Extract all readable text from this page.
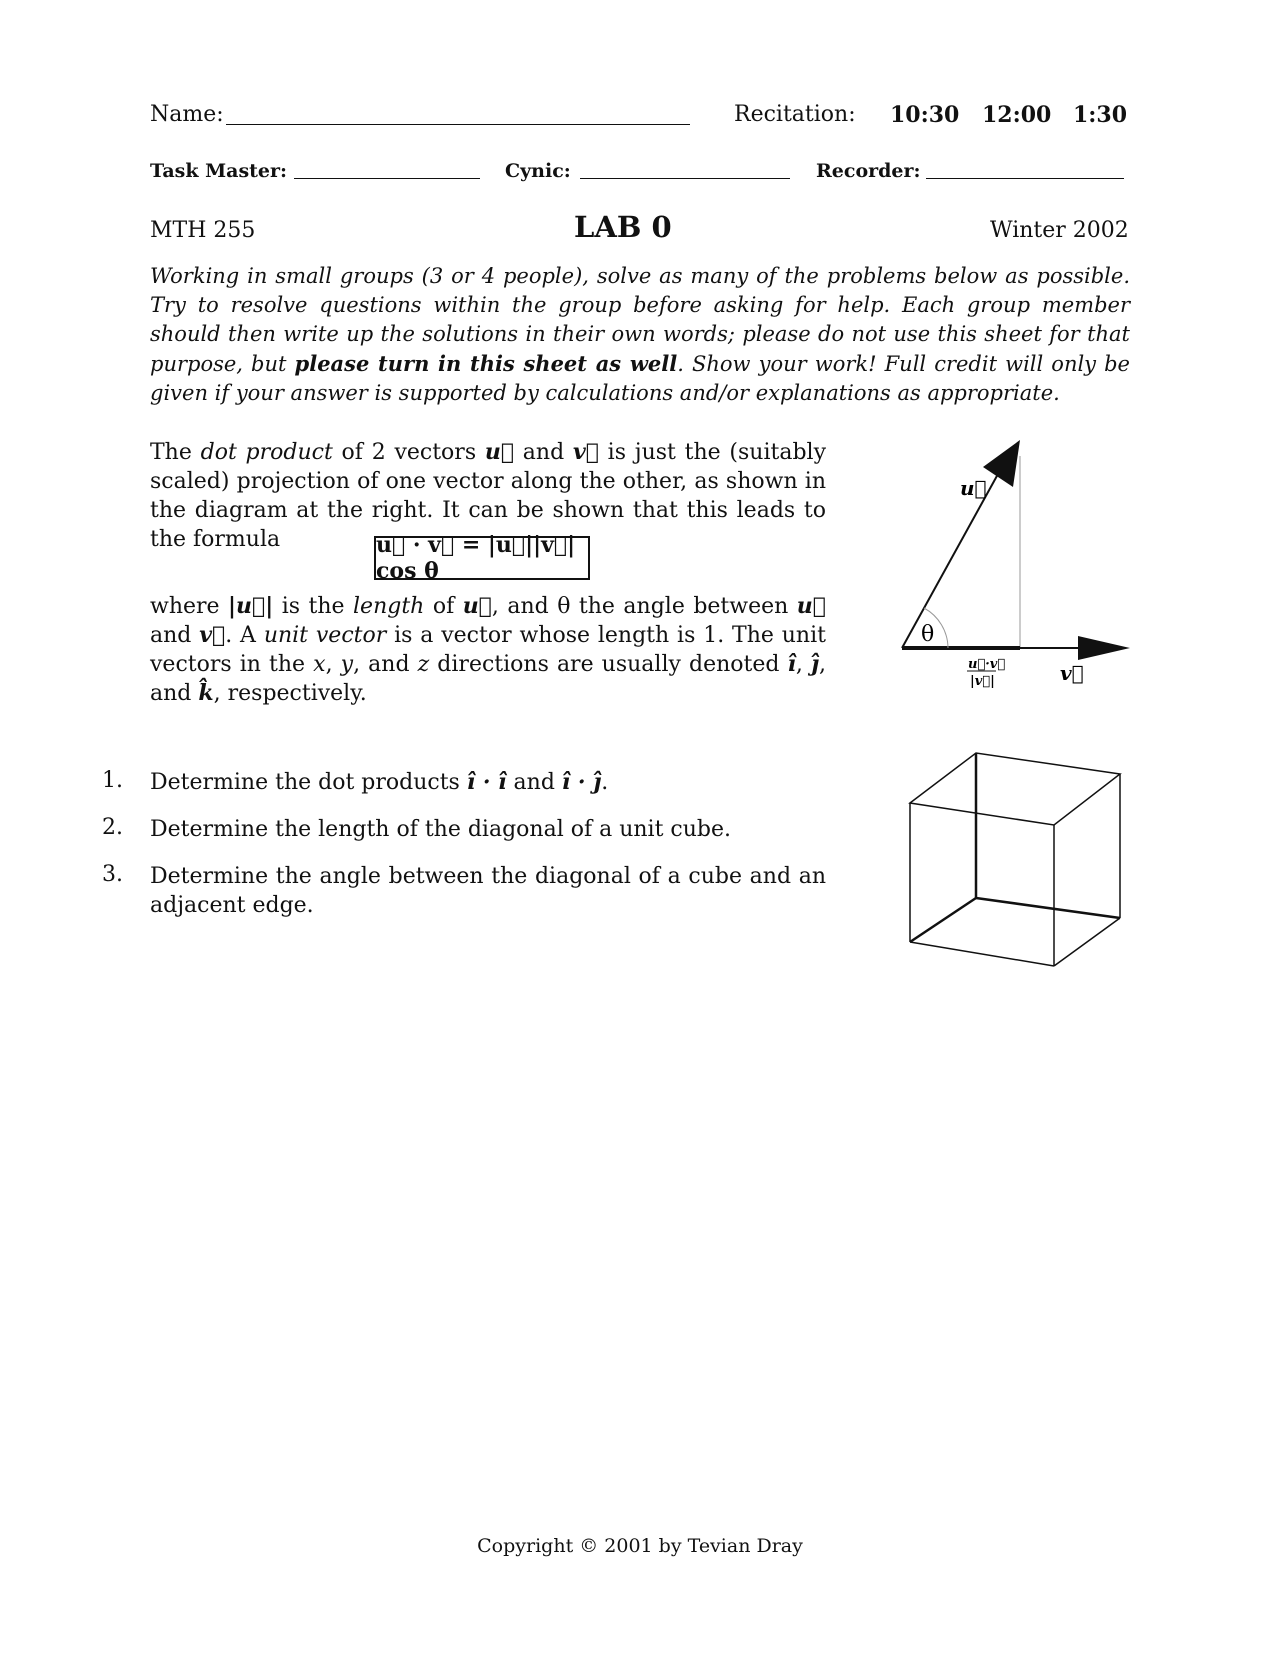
Name:	Recitation: 10:30 12:00 1:30
Task Master:	Cynic:	Recorder:
MTH 255	LAB 0	Winter 2002
Working in small groups (3 or 4 people), solve as many of the problems below as possible. Try to resolve questions within the group before asking for help. Each group member should then write up the solutions in their own words; please do not use this sheet for that purpose, but please turn in this sheet as well. Show your work! Full credit will only be given if your answer is supported by calculations and/or explanations as appropriate.
The dot product of 2 vectors u⃗ and v⃗ is just the (suitably scaled) projection of one vector along the other, as shown in the diagram at the right. It can be shown that this leads to the formula	u⃗ · v⃗ = |u⃗||v⃗| cos θ
where |u⃗| is the length of u⃗, and θ the angle between u⃗ and v⃗. A unit vector is a vector whose length is 1. The unit vectors in the x, y, and z directions are usually denoted î, ĵ, and k̂, respectively.
θ
u⃗
v⃗
u⃗·v⃗
|v⃗|
1. Determine the dot products î · î and î · ĵ.
2. Determine the length of the diagonal of a unit cube.
3. Determine the angle between the diagonal of a cube and an adjacent edge.
Copyright © 2001 by Tevian Dray
